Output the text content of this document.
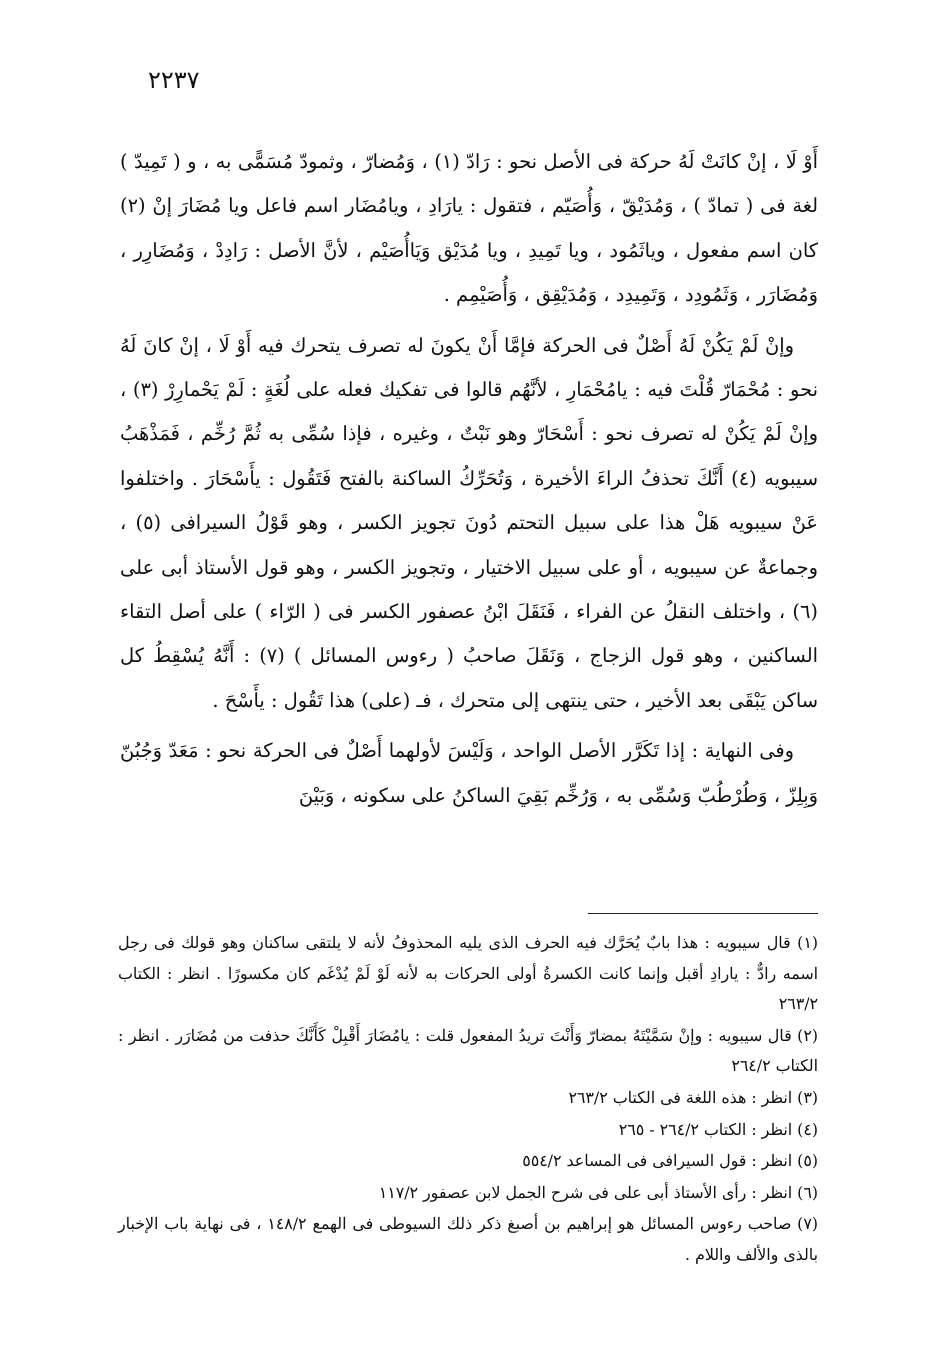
٢٢٣٧

أَوْ لَا ، إنْ كانَتْ لَهُ حركة فى الأصل نحو : رَادّ (١) ، وَمُضارّ ، وثمودّ مُسَمًّى به ، و ( تَمِيدّ ) لغة فى ( تمادّ ) ، وَمُدَيْقّ ، وَأُصَيّم ، فتقول : يارَادِ ، ويامُضَار اسم فاعل ويا مُضَارَ إنْ (٢) كان اسم مفعول ، وياثَمُود ، ويا تَمِيدِ ، ويا مُدَيْق وَيَاأُصَيْم ، لأنَّ الأصل : رَادِدْ ، وَمُضَارِر ، وَمُضَارَر ، وَثَمُودِد ، وَتَمِيدِد ، وَمُدَيْقِق ، وَأُصَيْمِم .

وإنْ لَمْ يَكُنْ لَهُ أَصْلٌ فى الحركة فإمَّا أَنْ يكونَ له تصرف يتحرك فيه أَوْ لَا ، إنْ كانَ لَهُ نحو : مُحْمَارّ قُلْتَ فيه : يامُحْمَارِ ، لأنَّهُم قالوا فى تفكيك فعله على لُغَةٍ : لَمْ يَحْمارِرْ (٣) ، وإنْ لَمْ يَكُنْ له تصرف نحو : أَسْحَارّ وهو نَبْتٌ ، وغيره ، فإذا سُمِّى به ثُمَّ رُخِّم ، فَمَذْهَبُ سيبويه (٤) أَنَّكَ تحذفُ الراءَ الأخيرة ، وَتُحَرِّكُ الساكنة بالفتح فَتَقُول : يأَسْحَارَ . واختلفوا عَنْ سيبويه هَلْ هذا على سبيل التحتم دُونَ تجويز الكسر ، وهو قَوْلُ السيرافى (٥) ، وجماعةٌ عن سيبويه ، أو على سبيل الاختيار ، وتجويز الكسر ، وهو قول الأستاذ أبى على (٦) ، واختلف النقلُ عن الفراء ، فَنَقَلَ ابْنُ عصفور الكسر فى ( الرّاء ) على أصل التقاء الساكنين ، وهو قول الزجاج ، وَنَقَلَ صاحبُ ( رءوس المسائل ) (٧) : أَنَّهُ يُسْقِطُ كل ساكن يَبْقَى بعد الأخير ، حتى ينتهى إلى متحرك ، فـ (على) هذا تَقُول : يأَسْحَ .

وفى النهاية : إذا تَكَرَّر الأصل الواحد ، وَلَيْسَ لأولهما أَصْلٌ فى الحركة نحو : مَعَدّ وَجُبُنّ وَبِلِزّ ، وَطُرْطُبّ وَسُمِّى به ، وَرُخِّم بَقِيَ الساكنُ على سكونه ، وَبَيْنَ

(١) قال سيبويه : هذا بابٌ يُحَرَّك فيه الحرف الذى يليه المحذوفُ لأنه لا يلتقى ساكنان وهو قولك فى رجل اسمه رادٌّ : يارادِ أقبل وإنما كانت الكسرةُ أولى الحركات به لأنه لَوْ لَمْ يُدْغَم كان مكسورًا . انظر : الكتاب ٢٦٣/٢
(٢) قال سيبويه : وإنْ سَمَّيْتَهُ بمضارّ وَأَنْتَ تريدُ المفعول قلت : يامُضَارَ أَقْبِلْ كَأَنَّكَ حذفت من مُضَارَر . انظر : الكتاب ٢٦٤/٢
(٣) انظر : هذه اللغة فى الكتاب ٢٦٣/٢
(٤) انظر : الكتاب ٢٦٤/٢ - ٢٦٥
(٥) انظر : قول السيرافى فى المساعد ٥٥٤/٢
(٦) انظر : رأى الأستاذ أبى على فى شرح الجمل لابن عصفور ١١٧/٢
(٧) صاحب رءوس المسائل هو إبراهيم بن أصبغ ذكر ذلك السيوطى فى الهمع ١٤٨/٢ ، فى نهاية باب الإخبار بالذى والألف واللام .
